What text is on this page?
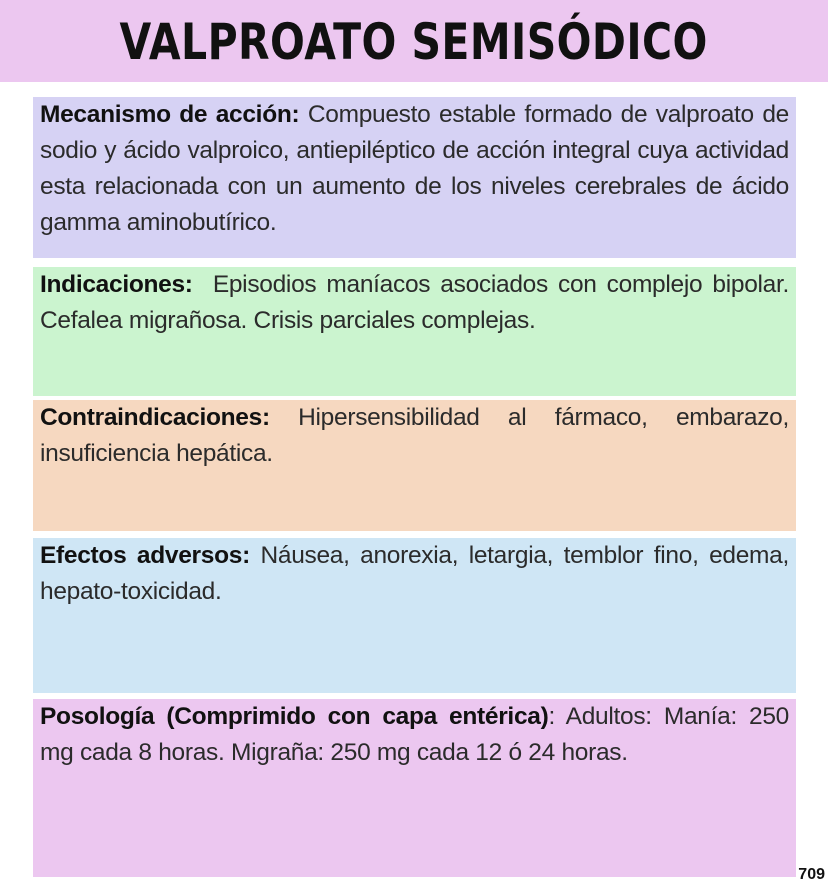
VALPROATO SEMISÓDICO

Mecanismo de acción: Compuesto estable formado de valproato de sodio y ácido valproico, antiepiléptico de acción integral cuya actividad esta relacionada con un aumento de los niveles cerebrales de ácido gamma aminobutírico.

Indicaciones:  Episodios maníacos asociados con complejo bipolar. Cefalea migrañosa. Crisis parciales complejas.

Contraindicaciones: Hipersensibilidad al fármaco, embarazo, insuficiencia hepática.

Efectos adversos: Náusea, anorexia, letargia, temblor fino, edema, hepato-toxicidad.

Posología (Comprimido con capa entérica): Adultos: Manía: 250 mg cada 8 horas. Migraña: 250 mg cada 12 ó 24 horas.

709
